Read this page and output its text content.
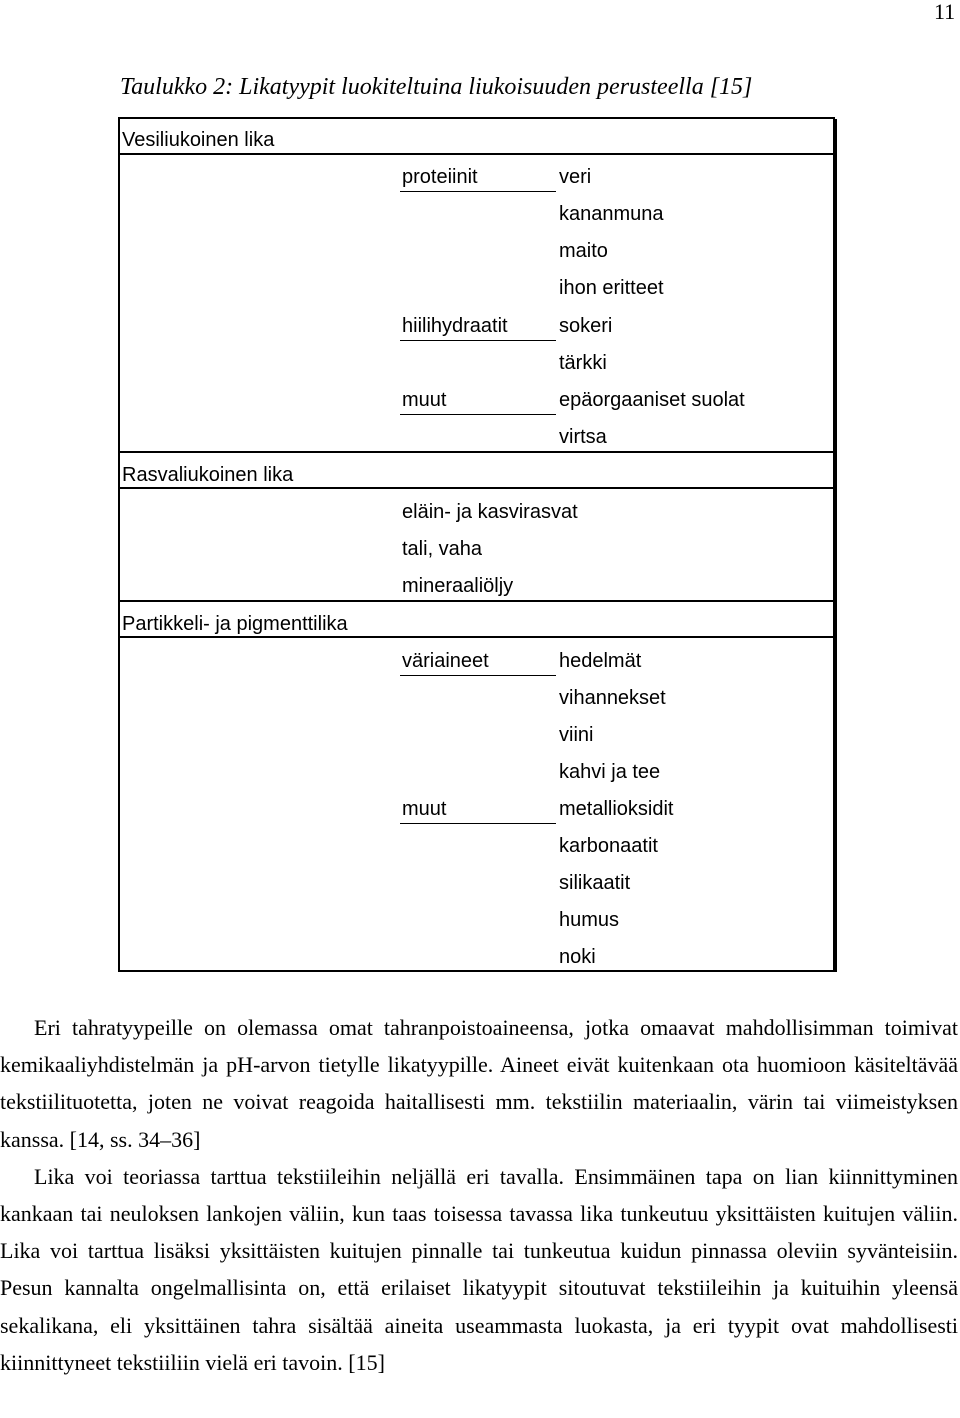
11
Taulukko 2: Likatyypit luokiteltuina liukoisuuden perusteella [15]
Vesiliukoinen lika
proteiinit	veri
kananmuna
maito
ihon eritteet
hiilihydraatit	sokeri
tärkki
muut	epäorgaaniset suolat
virtsa
Rasvaliukoinen lika
eläin- ja kasvirasvat
tali, vaha
mineraaliöljy
Partikkeli- ja pigmenttilika
väriaineet	hedelmät
vihannekset
viini
kahvi ja tee
muut	metallioksidit
karbonaatit
silikaatit
humus
noki

Eri tahratyypeille on olemassa omat tahranpoistoaineensa, jotka omaavat mahdollisimman toimivat kemikaaliyhdistelmän ja pH-arvon tietylle likatyypille. Aineet eivät kuitenkaan ota huomioon käsiteltävää tekstiilituotetta, joten ne voivat reagoida haitallisesti mm. tekstiilin materiaalin, värin tai viimeistyksen kanssa. [14, ss. 34–36]

Lika voi teoriassa tarttua tekstiileihin neljällä eri tavalla. Ensimmäinen tapa on lian kiinnittyminen kankaan tai neuloksen lankojen väliin, kun taas toisessa tavassa lika tunkeutuu yksittäisten kuitujen väliin. Lika voi tarttua lisäksi yksittäisten kuitujen pinnalle tai tunkeutua kuidun pinnassa oleviin syvänteisiin. Pesun kannalta ongelmallisinta on, että erilaiset likatyypit sitoutuvat tekstiileihin ja kuituihin yleensä sekalikana, eli yksittäinen tahra sisältää aineita useammasta luokasta, ja eri tyypit ovat mahdollisesti kiinnittyneet tekstiiliin vielä eri tavoin. [15]
